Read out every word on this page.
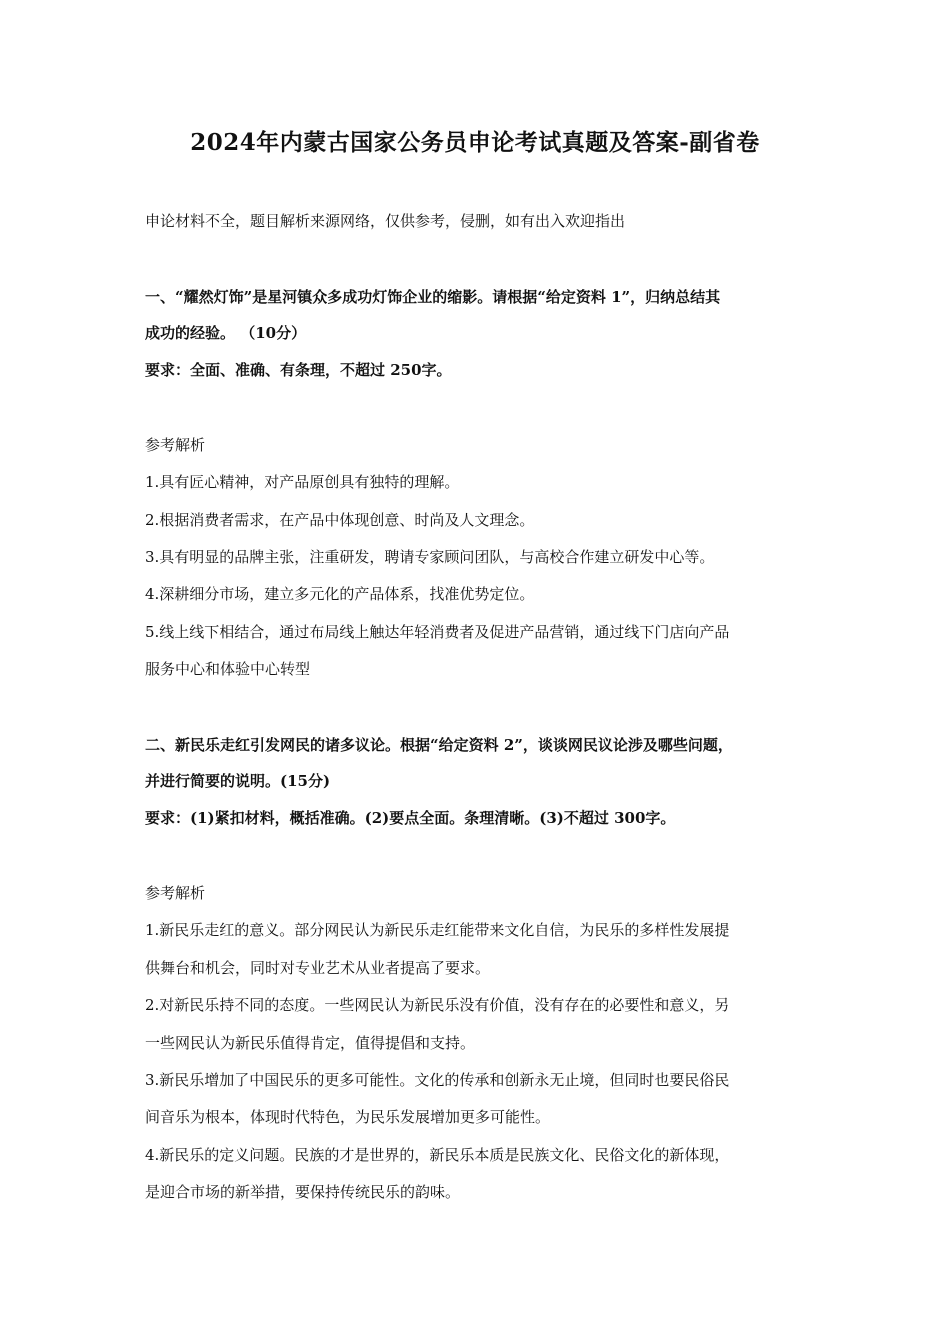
2024年内蒙古国家公务员申论考试真题及答案-副省卷
申论材料不全，题目解析来源网络，仅供参考，侵删，如有出入欢迎指出
一、“耀然灯饰”是星河镇众多成功灯饰企业的缩影。请根据“给定资料 1”，归纳总结其
成功的经验。 （10分）
要求：全面、准确、有条理，不超过 250字。
参考解析
1.具有匠心精神，对产品原创具有独特的理解。
2.根据消费者需求，在产品中体现创意、时尚及人文理念。
3.具有明显的品牌主张，注重研发，聘请专家顾问团队，与高校合作建立研发中心等。
4.深耕细分市场，建立多元化的产品体系，找准优势定位。
5.线上线下相结合，通过布局线上触达年轻消费者及促进产品营销，通过线下门店向产品
服务中心和体验中心转型
二、新民乐走红引发网民的诸多议论。根据“给定资料 2”，谈谈网民议论涉及哪些问题，
并进行简要的说明。(15分)
要求：(1)紧扣材料，概括准确。(2)要点全面。条理清晰。(3)不超过 300字。
参考解析
1.新民乐走红的意义。部分网民认为新民乐走红能带来文化自信，为民乐的多样性发展提
供舞台和机会，同时对专业艺术从业者提高了要求。
2.对新民乐持不同的态度。一些网民认为新民乐没有价值，没有存在的必要性和意义，另
一些网民认为新民乐值得肯定，值得提倡和支持。
3.新民乐增加了中国民乐的更多可能性。文化的传承和创新永无止境，但同时也要民俗民
间音乐为根本，体现时代特色，为民乐发展增加更多可能性。
4.新民乐的定义问题。民族的才是世界的，新民乐本质是民族文化、民俗文化的新体现，
是迎合市场的新举措，要保持传统民乐的韵味。
